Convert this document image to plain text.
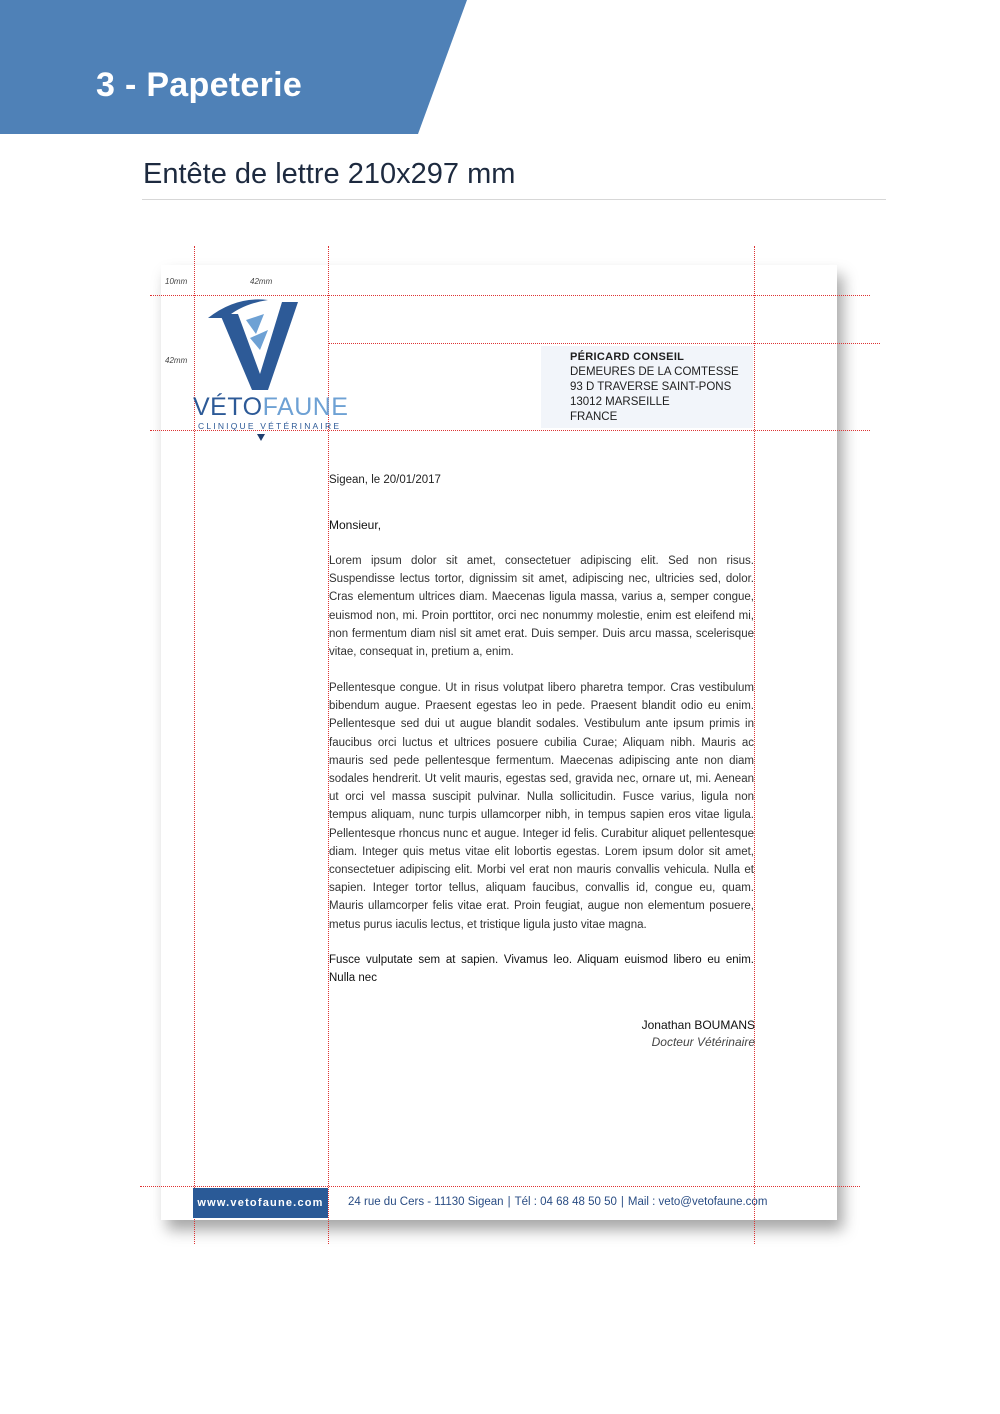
3 - Papeterie
Entête de lettre 210x297 mm
10mm	42mm
42mm
VÉTOFAUNE
CLINIQUE VÉTÉRINAIRE
PÉRICARD CONSEIL
DEMEURES DE LA COMTESSE
93 D TRAVERSE SAINT-PONS
13012 MARSEILLE
FRANCE
Sigean, le 20/01/2017
Monsieur,
Lorem ipsum dolor sit amet, consectetuer adipiscing elit. Sed non risus. Suspendisse lectus tortor, dignissim sit amet, adipiscing nec, ultricies sed, dolor. Cras elementum ultrices diam. Maecenas ligula massa, varius a, semper congue, euismod non, mi. Proin porttitor, orci nec nonummy molestie, enim est eleifend mi, non fermentum diam nisl sit amet erat. Duis semper. Duis arcu massa, scelerisque vitae, consequat in, pretium a, enim.
Pellentesque congue. Ut in risus volutpat libero pharetra tempor. Cras vestibulum bibendum augue. Praesent egestas leo in pede. Praesent blandit odio eu enim. Pellentesque sed dui ut augue blandit sodales. Vestibulum ante ipsum primis in faucibus orci luctus et ultrices posuere cubilia Curae; Aliquam nibh. Mauris ac mauris sed pede pellentesque fermentum. Maecenas adipiscing ante non diam sodales hendrerit. Ut velit mauris, egestas sed, gravida nec, ornare ut, mi. Aenean ut orci vel massa suscipit pulvinar. Nulla sollicitudin. Fusce varius, ligula non tempus aliquam, nunc turpis ullamcorper nibh, in tempus sapien eros vitae ligula. Pellentesque rhoncus nunc et augue. Integer id felis. Curabitur aliquet pellentesque diam. Integer quis metus vitae elit lobortis egestas. Lorem ipsum dolor sit amet, consectetuer adipiscing elit. Morbi vel erat non mauris convallis vehicula. Nulla et sapien. Integer tortor tellus, aliquam faucibus, convallis id, congue eu, quam. Mauris ullamcorper felis vitae erat. Proin feugiat, augue non elementum posuere, metus purus iaculis lectus, et tristique ligula justo vitae magna.
Fusce vulputate sem at sapien. Vivamus leo. Aliquam euismod libero eu enim. Nulla nec
Jonathan BOUMANS
Docteur Vétérinaire
www.vetofaune.com	24 rue du Cers - 11130 Sigean | Tél : 04 68 48 50 50 | Mail : veto@vetofaune.com
